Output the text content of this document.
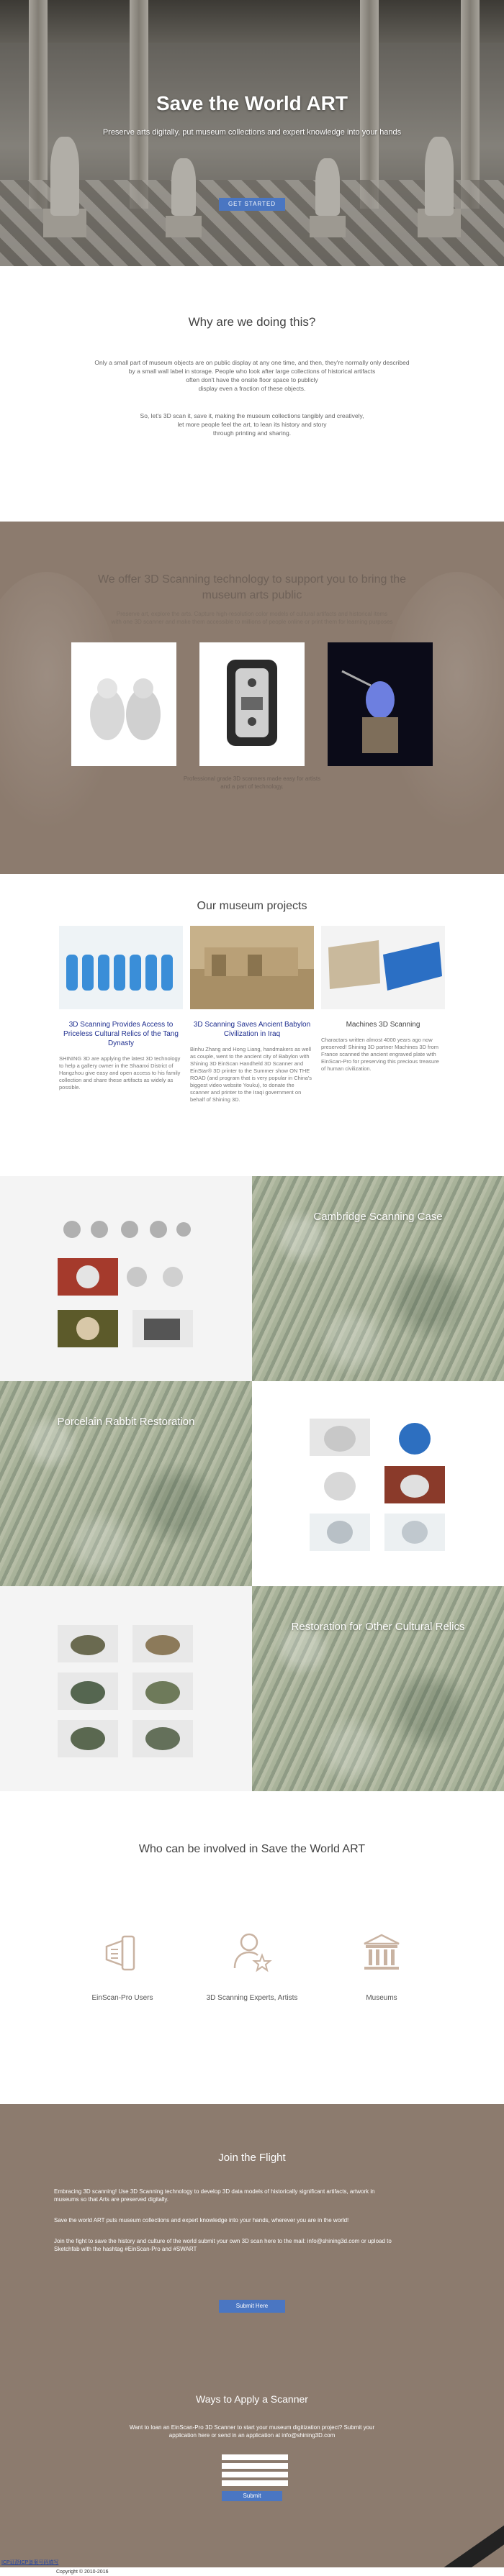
Save the World ART
Preserve arts digitally, put museum collections and expert knowledge into your hands
GET STARTED
Why are we doing this?
Only a small part of museum objects are on public display at any one time, and then, they're normally only described
by a small wall label in storage. People who look after large collections of historical artifacts
often don't have the onsite floor space to publicly
display even a fraction of these objects.
So, let's 3D scan it, save it, making the museum collections tangibly and creatively,
let more people feel the art, to lean its history and story
through printing and sharing.
We offer 3D Scanning technology to support you to bring the
museum arts public
Preserve art, explore the arts. Capture high-resolution color models of cultural artifacts and historical items
with one 3D scanner and make them accessible to millions of people online or print them for learning purposes
Professional grade 3D scanners made easy for artists
and a part of technology.
Our museum projects
3D Scanning Provides Access to Priceless Cultural Relics of the Tang Dynasty

SHINING 3D are applying the latest 3D technology to help a gallery owner in the Shaanxi District of Hangzhou give easy and open access to his family collection and share these artifacts as widely as possible.

3D Scanning Saves Ancient Babylon Civilization in Iraq

Binhu Zhang and Hong Liang, handmakers as well as couple, went to the ancient city of Babylon with Shining 3D EinScan Handheld 3D Scanner and EinStar® 3D printer to the Summer show ON THE ROAD (and program that is very popular in China's biggest video website Youku), to donate the scanner and printer to the Iraqi government on behalf of Shining 3D.

Machines 3D Scanning

Charactars written almost 4000 years ago now preserved! Shining 3D partner Machines 3D from France scanned the ancient engraved plate with EinScan-Pro for preserving this precious treasure of human civilization.

Cambridge Scanning Case
Porcelain Rabbit Restoration
Restoration for Other Cultural Relics
Who can be involved in Save the World ART
EinScan-Pro Users	3D Scanning Experts, Artists	Museums
Join the Flight
Embracing 3D scanning! Use 3D Scanning technology to develop 3D data models of historically significant artifacts, artwork in
museums so that Arts are preserved digitally.
Save the world ART puts museum collections and expert knowledge into your hands, wherever you are in the world!
Join the fight to save the history and culture of the world submit your own 3D scan here to the mail: info@shining3d.com or upload to
Sketchfab with the hashtag #EinScan-Pro and #SWART
Submit Here
Ways to Apply a Scanner
Want to loan an EinScan-Pro 3D Scanner to start your museum digitization project? Submit your
application here or send in an application at info@shining3D.com
Submit
ICP证浙ICP备案号码填写
Copyright © 2010-2016
